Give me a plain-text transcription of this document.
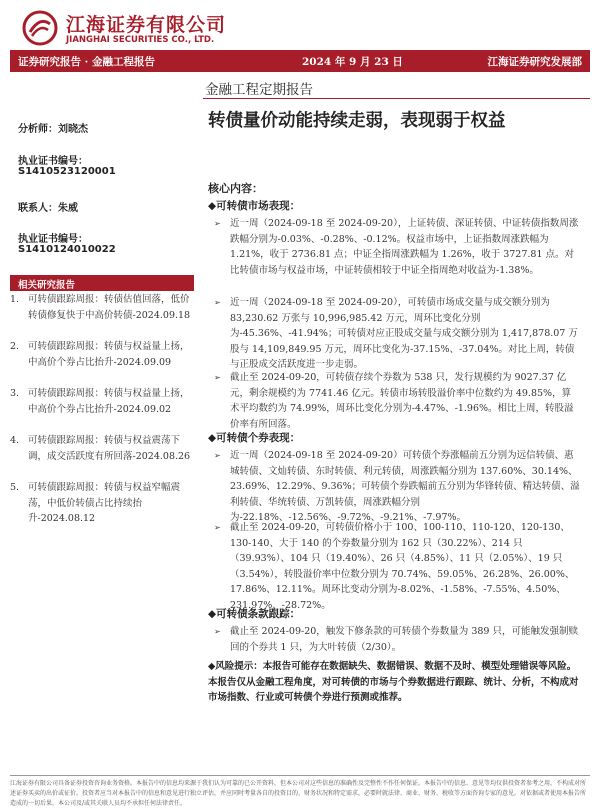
江海证券有限公司
JIANGHAI SECURITIES CO., LTD.
证券研究报告 · 金融工程报告	2024 年 9 月 23 日	江海证券研究发展部
金融工程定期报告
转债量价动能持续走弱，表现弱于权益
分析师：刘晓杰
执业证书编号：
S1410523120001
联系人：朱威
执业证书编号：
S1410124010022
相关研究报告
1. 可转债跟踪周报：转债估值回落，低价转债修复快于中高价转债-2024.09.18
2. 可转债跟踪周报：转债与权益量上扬，中高价个券占比抬升-2024.09.09
3. 可转债跟踪周报：转债与权益量上扬，中高价个券占比抬升-2024.09.02
4. 可转债跟踪周报：转债与权益震荡下调，成交活跃度有所回落-2024.08.26
5. 可转债跟踪周报：转债与权益窄幅震荡，中低价转债占比持续抬升-2024.08.12
核心内容：
◆可转债市场表现：
➢ 近一周（2024-09-18 至 2024-09-20），上证转债、深证转债、中证转债指数周涨跌幅分别为-0.03%、-0.28%、-0.12%。权益市场中，上证指数周涨跌幅为 1.21%，收于 2736.81 点；中证全指周涨跌幅为 1.26%，收于 3727.81 点。对比转债市场与权益市场，中证转债相较于中证全指周绝对收益为-1.38%。
➢ 近一周（2024-09-18 至 2024-09-20），可转债市场成交量与成交额分别为 83,230.62 万张与 10,996,985.42 万元，周环比变化分别为-45.36%、-41.94%；可转债对应正股成交量与成交额分别为 1,417,878.07 万股与 14,109,849.95 万元，周环比变化为-37.15%、-37.04%。对比上周，转债与正股成交活跃度进一步走弱。
➢ 截止至 2024-09-20，可转债存续个券数为 538 只，发行规模约为 9027.37 亿元，剩余规模约为 7741.46 亿元。转债市场转股溢价率中位数约为 49.85%，算术平均数约为 74.99%，周环比变化分别为-4.47%、-1.96%。相比上周，转股溢价率有所回落。
◆可转债个券表现：
➢ 近一周（2024-09-18 至 2024-09-20）可转债个券涨幅前五分别为远信转债、惠城转债、文灿转债、东时转债、利元转债，周涨跌幅分别为 137.60%、30.14%、23.69%、12.29%、9.36%；可转债个券跌幅前五分别为华锋转债、精达转债、溢利转债、华统转债、万凯转债，周涨跌幅分别为-22.18%、-12.56%、-9.72%、-9.21%、-7.97%。
➢ 截止至 2024-09-20，可转债价格小于 100、100-110、110-120、120-130、130-140、大于 140 的个券数量分别为 162 只（30.22%）、214 只（39.93%）、104 只（19.40%）、26 只（4.85%）、11 只（2.05%）、19 只（3.54%），转股溢价率中位数分别为 70.74%、59.05%、26.28%、26.00%、17.86%、12.11%。周环比变动分别为-8.02%、-1.58%、-7.55%、4.50%、231.97%、-28.72%。
◆可转债条款跟踪：
➢ 截止至 2024-09-20，触发下修条款的可转债个券数量为 389 只，可能触发强制赎回的个券共 1 只，为大叶转债（2/30）。
◆风险提示：本报告可能存在数据缺失、数据错误、数据不及时、模型处理错误等风险。本报告仅从金融工程角度，对可转债的市场与个券数据进行跟踪、统计、分析，不构成对市场指数、行业或可转债个券进行预测或推荐。
江海证券有限公司具备证券投资咨询业务资格。本报告中的信息均来源于我们认为可靠的已公开资料，但本公司对这些信息的准确性及完整性不作任何保证。本报告中的信息、意见等均仅供投资者参考之用，不构成对所述证券买卖的出价或征价。投资者应当对本报告中的信息和意见进行独立评估，并应同时考量各自的投资目的、财务状况和特定需求，必要时就法律、商业、财务、税收等方面咨询专家的意见。对依据或者使用本报告所造成的一切后果，本公司及/或其关联人员均不承担任何法律责任。
